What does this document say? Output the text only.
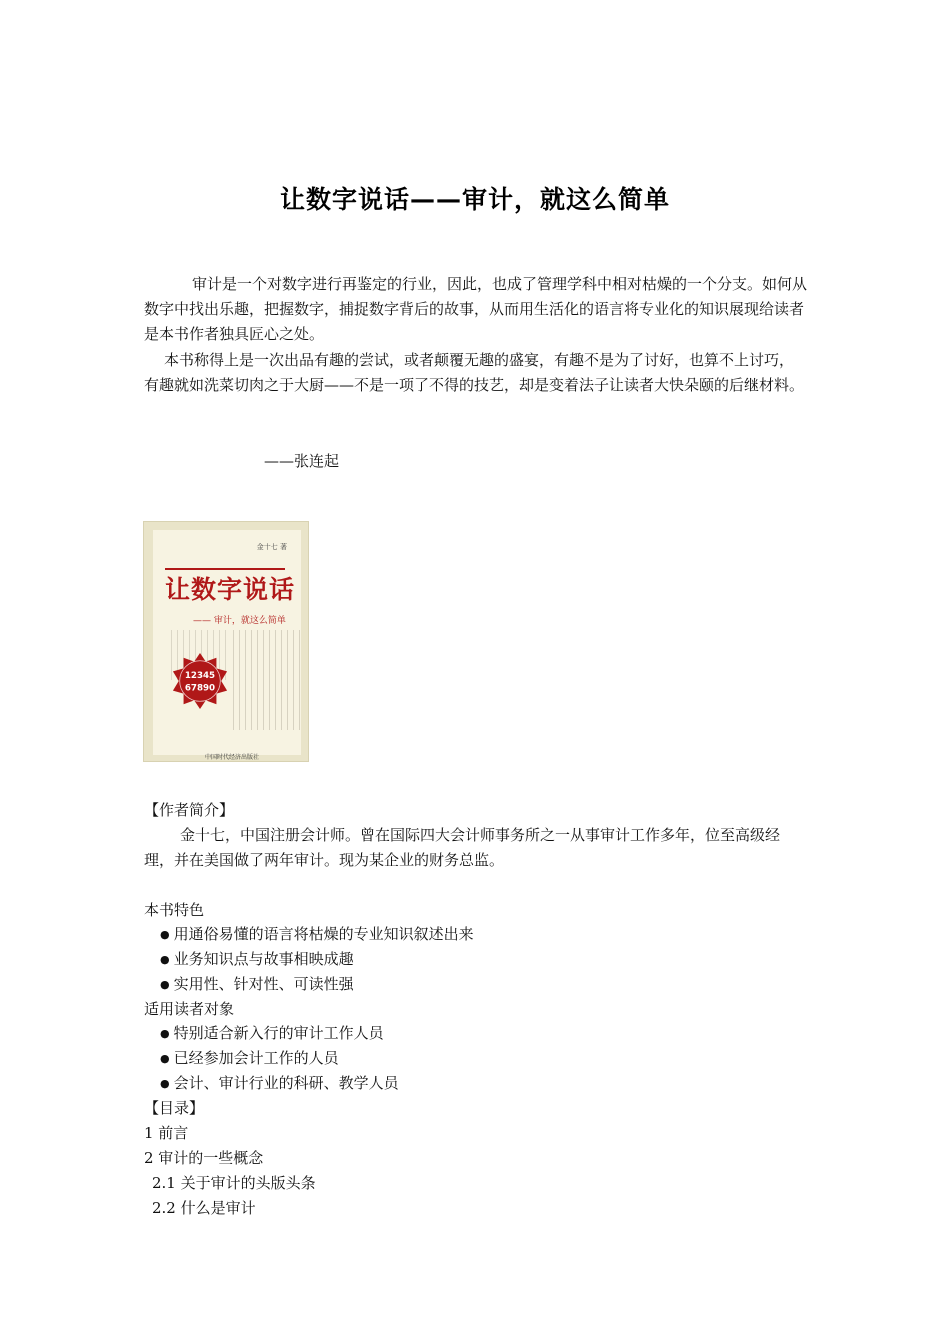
让数字说话——审计，就这么简单
审计是一个对数字进行再鉴定的行业，因此，也成了管理学科中相对枯燥的一个分支。如何从数字中找出乐趣，把握数字，捕捉数字背后的故事，从而用生活化的语言将专业化的知识展现给读者是本书作者独具匠心之处。
本书称得上是一次出品有趣的尝试，或者颠覆无趣的盛宴，有趣不是为了讨好，也算不上讨巧，有趣就如洗菜切肉之于大厨——不是一项了不得的技艺，却是变着法子让读者大快朵颐的后继材料。
——张连起
金十七 著
让数字说话
—— 审计，就这么简单
12345
67890
中国时代经济出版社
【作者简介】
金十七，中国注册会计师。曾在国际四大会计师事务所之一从事审计工作多年，位至高级经理，并在美国做了两年审计。现为某企业的财务总监。
本书特色
● 用通俗易懂的语言将枯燥的专业知识叙述出来
● 业务知识点与故事相映成趣
● 实用性、针对性、可读性强
适用读者对象
● 特别适合新入行的审计工作人员
● 已经参加会计工作的人员
● 会计、审计行业的科研、教学人员
【目录】
1 前言
2 审计的一些概念
2.1 关于审计的头版头条
2.2 什么是审计
